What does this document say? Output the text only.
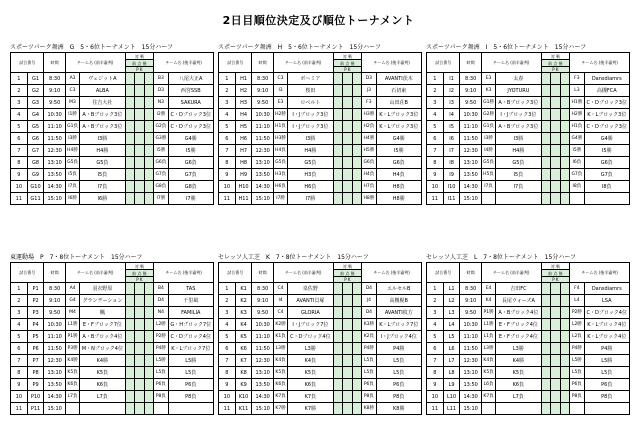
2日目順位決定及び順位トーナメント
スポーツパーク舞洲　G　5・6位トーナメント　15分ハーフ
試合番号		時間	チーム名 (前半審判)		対 戦			チーム名 (後半審判)	
					前 点 後				
					P K				
1	G1	8:30	A3	ヴェジットA				B3	八尾大正A
2	G2	9:10	C3	ALBA				D3	西宮SSB
3	G3	9:50	M3	住吉大社				N3	SAKURA
4	G4	10:30	I1勝	A・Bブロック3位				I2勝	C・Dブロック3位
5	G5	11:10	G1負	A・Bブロック3位				G2負	C・Dブロック3位
6	G6	11:50	I3勝	I3勝				G3勝	G4勝
7	G7	12:30	H4勝	H4勝				I5勝	I5勝
8	G8	13:10	G5負	G5負				G6負	G6負
9	G9	13:50	I5負	I5負				G7負	G7負
10	G10	14:30	I7負	I7負				G8負	G8負
11	G11	15:10	I6勝	I6勝				I7勝	I7勝
スポーツパーク舞洲　H　5・6位トーナメント　15分ハーフ
試合番号		時間	チーム名 (前半審判)		対 戦			チーム名 (後半審判)	
					前 点 後				
					P K				
1	H1	8:30	C3	ボヘミア				D3	AVANTI茨木
2	H2	9:10	I3	桜田				J3	石切東
3	H3	9:50	E3	ロベルト				F3	山田荘B
4	H4	10:30	H2勝	I・Jブロック3位				H3勝	K・Lブロック3位
5	H5	11:10	H1負	I・Jブロック3位				H2負	K・Lブロック3位
6	H6	11:50	H3勝	I3勝				H4勝	G4勝
7	H7	12:30	H4負	H4勝				H5勝	I5勝
8	H8	13:10	G5負	G5負				G6負	G6負
9	H9	13:50	H3負	H3負				H4負	H4負
10	H10	14:30	H6負	H6負				H7負	H8負
11	H11	15:10	I7勝	I7勝				H8勝	H8勝
スポーツパーク舞洲　I　5・6位トーナメント　15分ハーフ
試合番号		時間	チーム名 (前半審判)		対 戦			チーム名 (後半審判)	
					前 点 後				
					P K				
1	I1	8:30	E3	太春				F3	Dansdiamrs
2	I2	9:10	K3	JYOTURU				L3	高槻FCA
3	I3	9:50	G1勝	A・Bブロック3位				H1勝	C・Dブロック3位
4	I4	10:30	G2勝	I・Jブロック3位				H2勝	K・Lブロック3位
5	I5	11:10	G1負	A・Bブロック3位				H1負	C・Dブロック3位
6	I6	11:50	I3勝	I3勝				G4勝	G4勝
7	I7	12:30	I4勝	H4勝				I5勝	I5勝
8	I8	13:10	G5負	G5負				I6負	G6負
9	I9	13:50	H5負	I5負				G7負	G7負
10	I10	14:30	I7負	I7負				I8負	I8負
11	I11	15:10							
東運動場　P　7・8位トーナメント　15分ハーフ
試合番号		時間	チーム名 (前半審判)		対 戦			チーム名 (後半審判)	
					前 点 後				
					P K				
1	P1	8:30	A4	羽衣野原				B4	TAS
2	P2	9:10	G4	グランデーション				D4	千里風
3	P3	9:50	M4	楓				N4	FAMILIA
4	P4	10:30	L1勝	E・Fブロック7位				L2勝	G・Hブロック7位
5	P5	11:10	P1勝	A・Bブロック4位				P2勝	C・Dブロック4位
6	P6	11:50	P3勝	M・Nブロック4位				P4勝	K・Lブロック7位
7	P7	12:30	K4勝	K4勝				L5勝	L5勝
8	P8	13:10	K5負	K5負				L5負	L5負
9	P9	13:50	K6負	K6負				P6負	P6負
10	P10	14:30	L7負	L7負				P8負	P8負
11	P11	15:10							
セレッソ人工芝　K　7・8位トーナメント　15分ハーフ
試合番号		時間	チーム名 (前半審判)		対 戦			チーム名 (後半審判)	
					前 点 後				
					P K				
1	K1	8:30	C4	泉佐野				D4	エルセルB
2	K2	9:10	I4	AVANTI貝塚				J4	高槻梶B
3	K3	9:50	C4	GLORIA				D4	AVANTI枚方
4	K4	10:30	K2勝	I・Jブロック7位				K3勝	K・Lブロック7位
5	K5	11:10	K1負	C・Dブロック4位				K2負	I・Jブロック4位
6	K6	11:50	L3勝	L3勝				P4勝	P4勝
7	K7	12:30	K4負	K4負				L5負	L5負
8	K8	13:10	K5負	K5負				L5負	L5負
9	K9	13:50	K6負	K6負				P6負	P6負
10	K10	14:30	K7負	K7負				P8負	P8負
11	K11	15:10	K7勝	K7勝				K8勝	K8勝
セレッソ人工芝　L　7・8位トーナメント　15分ハーフ
試合番号		時間	チーム名 (前半審判)		対 戦			チーム名 (後半審判)	
					前 点 後				
					P K				
1	L1	8:30	E4	吉田FC				F4	Dansdiamrs
2	L2	9:10	K4	長尾ウォーズA				L4	LSA
3	L3	9:50	P1勝	A・Bブロック4位				P2勝	C・Dブロック4位
4	L4	10:30	L1勝	E・Fブロック4位				L2勝	K・Lブロック4位
5	L5	11:10	L1負	E・Fブロック4位				L2負	K・Lブロック4位
6	L6	11:50	L3勝	L3勝				P4勝	P4勝
7	L7	12:30	K4負	K4勝				L5勝	L5勝
8	L8	13:10	K5負	K5負				L5負	L5負
9	L9	13:50	L6負	K6負				P6負	P6負
10	L10	14:30	K7負	L7負				P8負	P8負
11	L11	15:10							
